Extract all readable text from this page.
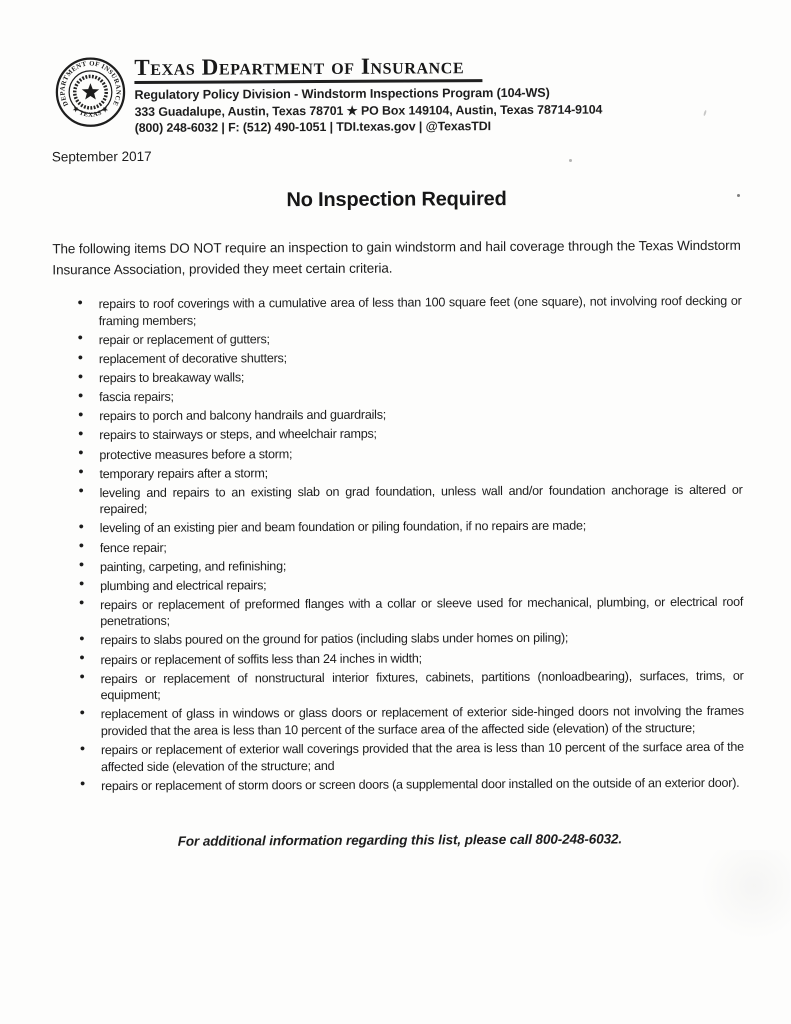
DEPARTMENT OF INSURANCE
★ TEXAS ★
Texas Department of Insurance
Regulatory Policy Division - Windstorm Inspections Program (104-WS)
333 Guadalupe, Austin, Texas 78701 ★ PO Box 149104, Austin, Texas 78714-9104
(800) 248-6032 | F: (512) 490-1051 | TDI.texas.gov | @TexasTDI
September 2017
No Inspection Required

The following items DO NOT require an inspection to gain windstorm and hail coverage through the Texas Windstorm Insurance Association, provided they meet certain criteria.

• repairs to roof coverings with a cumulative area of less than 100 square feet (one square), not involving roof decking or framing members;
• repair or replacement of gutters;
• replacement of decorative shutters;
• repairs to breakaway walls;
• fascia repairs;
• repairs to porch and balcony handrails and guardrails;
• repairs to stairways or steps, and wheelchair ramps;
• protective measures before a storm;
• temporary repairs after a storm;
• leveling and repairs to an existing slab on grad foundation, unless wall and/or foundation anchorage is altered or repaired;
• leveling of an existing pier and beam foundation or piling foundation, if no repairs are made;
• fence repair;
• painting, carpeting, and refinishing;
• plumbing and electrical repairs;
• repairs or replacement of preformed flanges with a collar or sleeve used for mechanical, plumbing, or electrical roof penetrations;
• repairs to slabs poured on the ground for patios (including slabs under homes on piling);
• repairs or replacement of soffits less than 24 inches in width;
• repairs or replacement of nonstructural interior fixtures, cabinets, partitions (nonloadbearing), surfaces, trims, or equipment;
• replacement of glass in windows or glass doors or replacement of exterior side-hinged doors not involving the frames provided that the area is less than 10 percent of the surface area of the affected side (elevation) of the structure;
• repairs or replacement of exterior wall coverings provided that the area is less than 10 percent of the surface area of the affected side (elevation of the structure; and
• repairs or replacement of storm doors or screen doors (a supplemental door installed on the outside of an exterior door).

For additional information regarding this list, please call 800-248-6032.
